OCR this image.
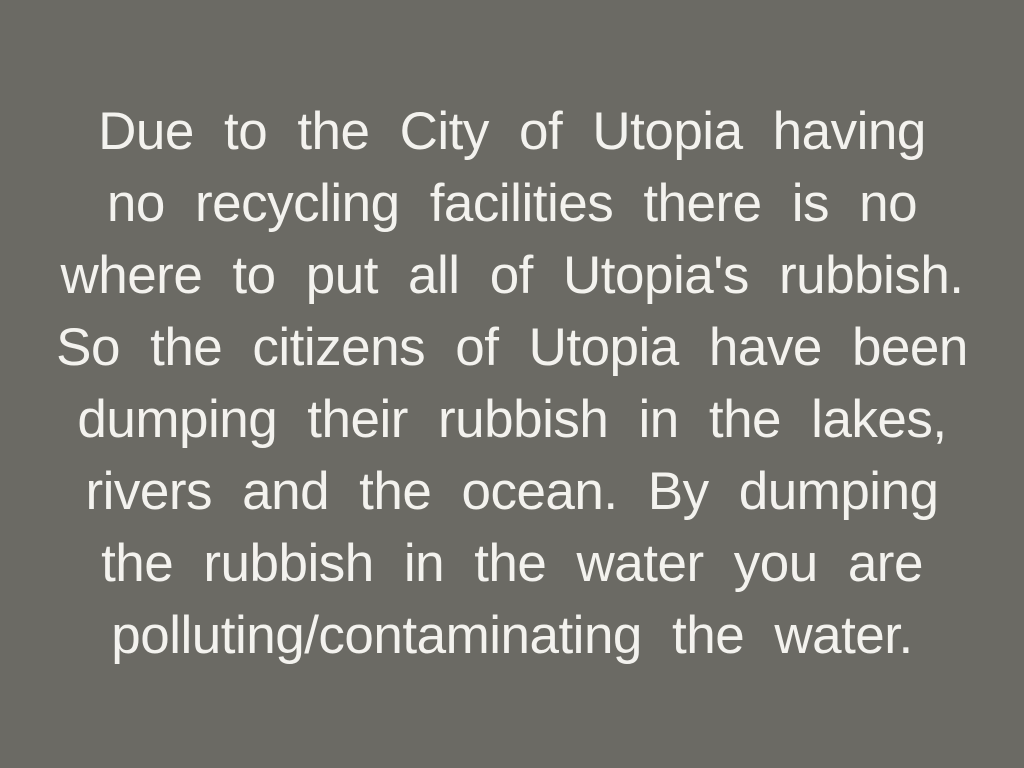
Due to the City of Utopia having
no recycling facilities there is no
where to put all of Utopia's rubbish.
So the citizens of Utopia have been
dumping their rubbish in the lakes,
rivers and the ocean. By dumping
the rubbish in the water you are
polluting/contaminating the water.
